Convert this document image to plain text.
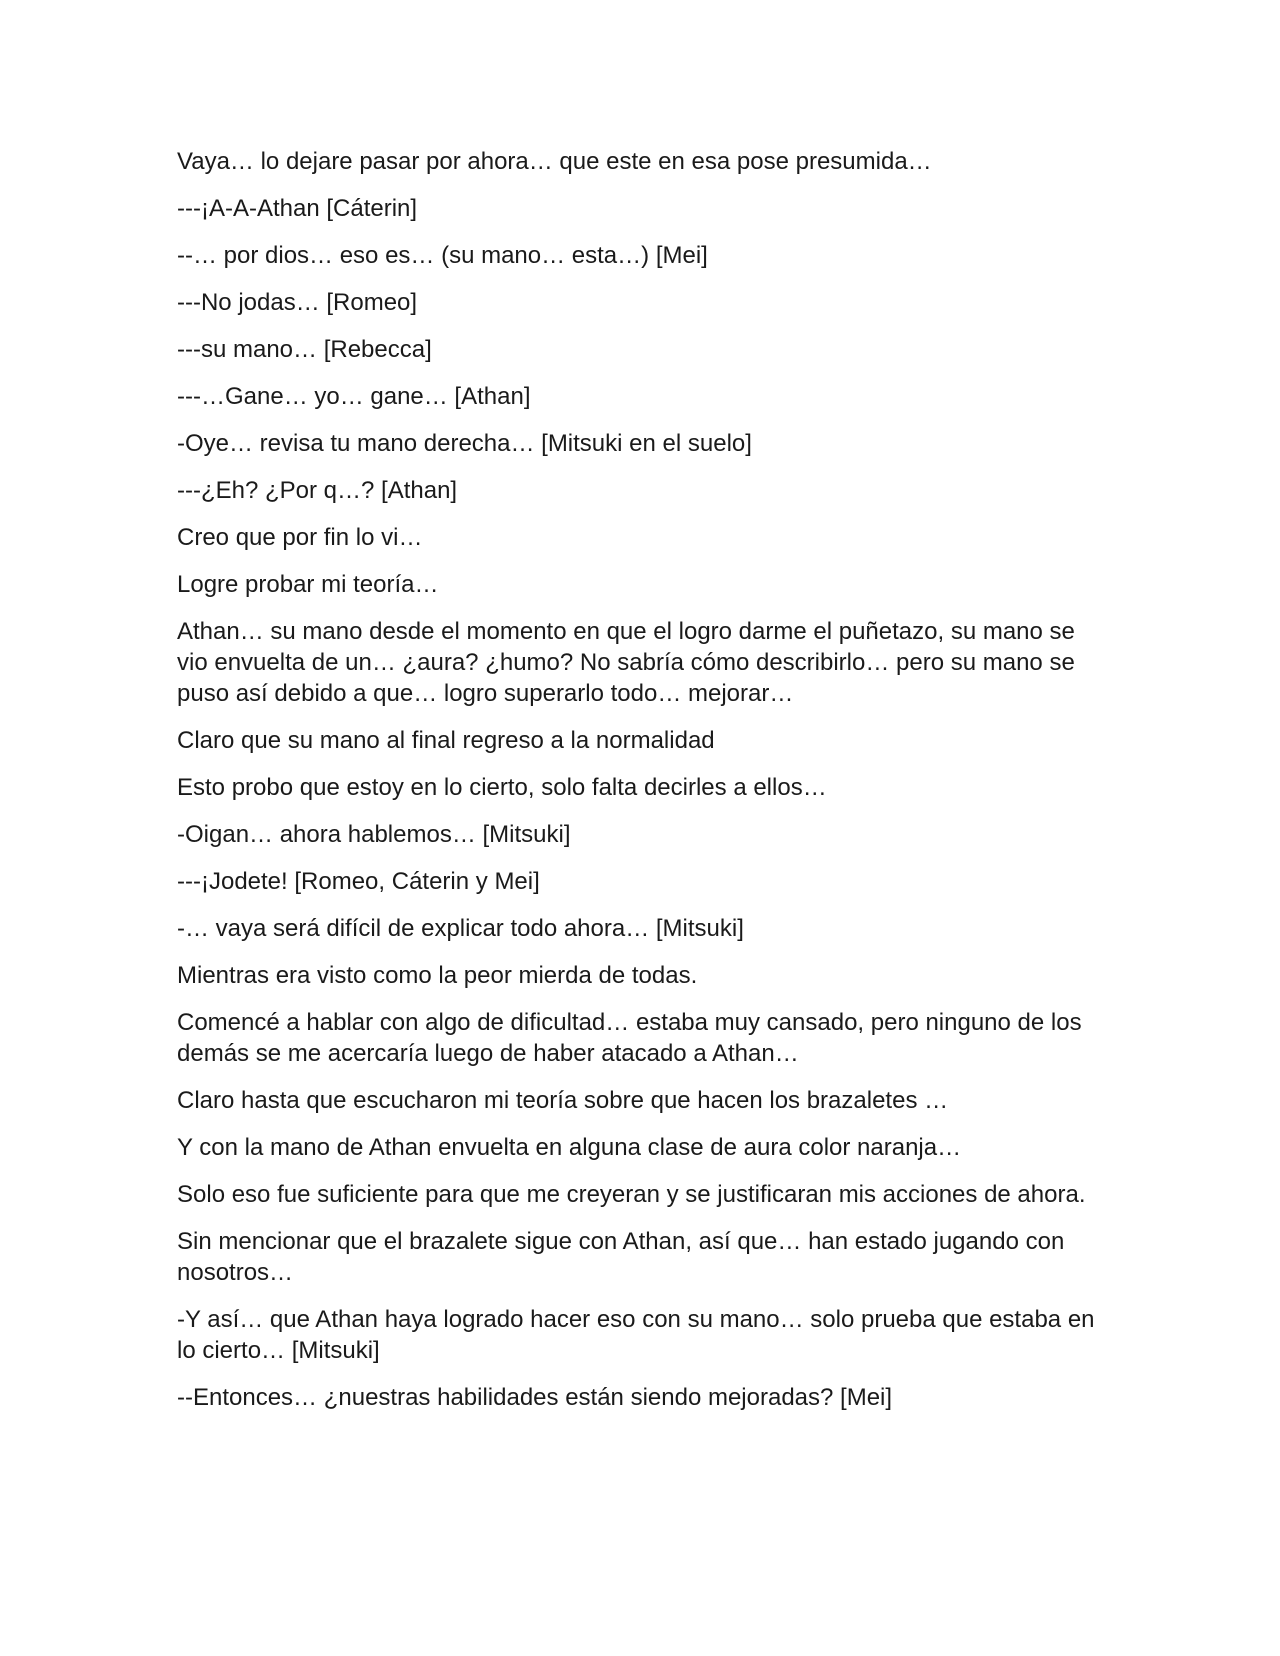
Vaya… lo dejare pasar por ahora… que este en esa pose presumida…

---¡A-A-Athan [Cáterin]

--… por dios… eso es… (su mano… esta…) [Mei]

---No jodas… [Romeo]

---su mano… [Rebecca]

---…Gane… yo… gane… [Athan]

-Oye… revisa tu mano derecha… [Mitsuki en el suelo]

---¿Eh? ¿Por q…? [Athan]

Creo que por fin lo vi…

Logre probar mi teoría…

Athan… su mano desde el momento en que el logro darme el puñetazo, su mano se vio envuelta de un… ¿aura? ¿humo? No sabría cómo describirlo… pero su mano se puso así debido a que… logro superarlo todo… mejorar…

Claro que su mano al final regreso a la normalidad

Esto probo que estoy en lo cierto, solo falta decirles a ellos…

-Oigan… ahora hablemos… [Mitsuki]

---¡Jodete! [Romeo, Cáterin y Mei]

-… vaya será difícil de explicar todo ahora… [Mitsuki]

Mientras era visto como la peor mierda de todas.

Comencé a hablar con algo de dificultad… estaba muy cansado, pero ninguno de los demás se me acercaría luego de haber atacado a Athan…

Claro hasta que escucharon mi teoría sobre que hacen los brazaletes …

Y con la mano de Athan envuelta en alguna clase de aura color naranja…

Solo eso fue suficiente para que me creyeran y se justificaran mis acciones de ahora.

Sin mencionar que el brazalete sigue con Athan, así que… han estado jugando con nosotros…

-Y así… que Athan haya logrado hacer eso con su mano… solo prueba que estaba en lo cierto… [Mitsuki]

--Entonces… ¿nuestras habilidades están siendo mejoradas? [Mei]
